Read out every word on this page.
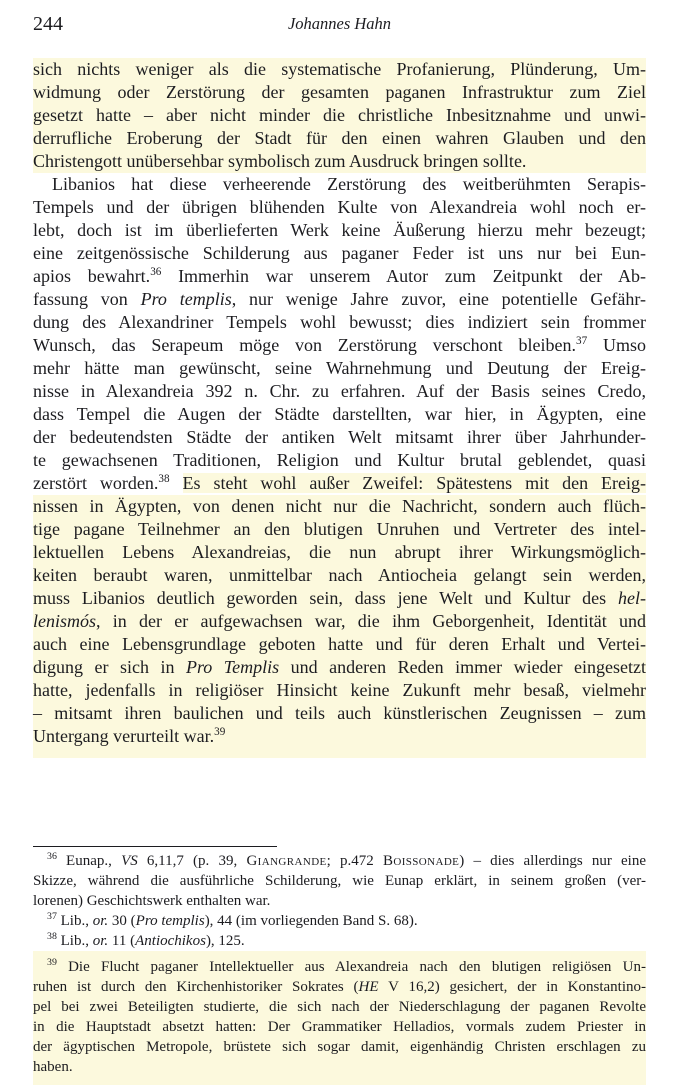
244	Johannes Hahn
sich nichts weniger als die systematische Profanierung, Plünderung, Um-
widmung oder Zerstörung der gesamten paganen Infrastruktur zum Ziel
gesetzt hatte – aber nicht minder die christliche Inbesitznahme und unwi-
derrufliche Eroberung der Stadt für den einen wahren Glauben und den
Christengott unübersehbar symbolisch zum Ausdruck bringen sollte.
Libanios hat diese verheerende Zerstörung des weitberühmten Serapis-
Tempels und der übrigen blühenden Kulte von Alexandreia wohl noch er-
lebt, doch ist im überlieferten Werk keine Äußerung hierzu mehr bezeugt;
eine zeitgenössische Schilderung aus paganer Feder ist uns nur bei Eun-
apios bewahrt.$^{36}$ Immerhin war unserem Autor zum Zeitpunkt der Ab-
fassung von Pro templis, nur wenige Jahre zuvor, eine potentielle Gefähr-
dung des Alexandriner Tempels wohl bewusst; dies indiziert sein frommer
Wunsch, das Serapeum möge von Zerstörung verschont bleiben.$^{37}$ Umso
mehr hätte man gewünscht, seine Wahrnehmung und Deutung der Ereig-
nisse in Alexandreia 392 n. Chr. zu erfahren. Auf der Basis seines Credo,
dass Tempel die Augen der Städte darstellten, war hier, in Ägypten, eine
der bedeutendsten Städte der antiken Welt mitsamt ihrer über Jahrhunder-
te gewachsenen Traditionen, Religion und Kultur brutal geblendet, quasi
zerstört worden.$^{38}$ Es steht wohl außer Zweifel: Spätestens mit den Ereig-
nissen in Ägypten, von denen nicht nur die Nachricht, sondern auch flüch-
tige pagane Teilnehmer an den blutigen Unruhen und Vertreter des intel-
lektuellen Lebens Alexandreias, die nun abrupt ihrer Wirkungsmöglich-
keiten beraubt waren, unmittelbar nach Antiocheia gelangt sein werden,
muss Libanios deutlich geworden sein, dass jene Welt und Kultur des hel-
lenismós, in der er aufgewachsen war, die ihm Geborgenheit, Identität und
auch eine Lebensgrundlage geboten hatte und für deren Erhalt und Vertei-
digung er sich in Pro Templis und anderen Reden immer wieder eingesetzt
hatte, jedenfalls in religiöser Hinsicht keine Zukunft mehr besaß, vielmehr
– mitsamt ihren baulichen und teils auch künstlerischen Zeugnissen – zum
Untergang verurteilt war.$^{39}$
$^{36}$ Eunap., VS 6,11,7 (p. 39, Giangrande; p.472 Boissonade) – dies allerdings nur eine
Skizze, während die ausführliche Schilderung, wie Eunap erklärt, in seinem großen (ver-
lorenen) Geschichtswerk enthalten war.
$^{37}$ Lib., or. 30 (Pro templis), 44 (im vorliegenden Band S. 68).
$^{38}$ Lib., or. 11 (Antiochikos), 125.
$^{39}$ Die Flucht paganer Intellektueller aus Alexandreia nach den blutigen religiösen Un-
ruhen ist durch den Kirchenhistoriker Sokrates (HE V 16,2) gesichert, der in Konstantino-
pel bei zwei Beteiligten studierte, die sich nach der Niederschlagung der paganen Revolte
in die Hauptstadt absetzt hatten: Der Grammatiker Helladios, vormals zudem Priester in
der ägyptischen Metropole, brüstete sich sogar damit, eigenhändig Christen erschlagen zu
haben.
